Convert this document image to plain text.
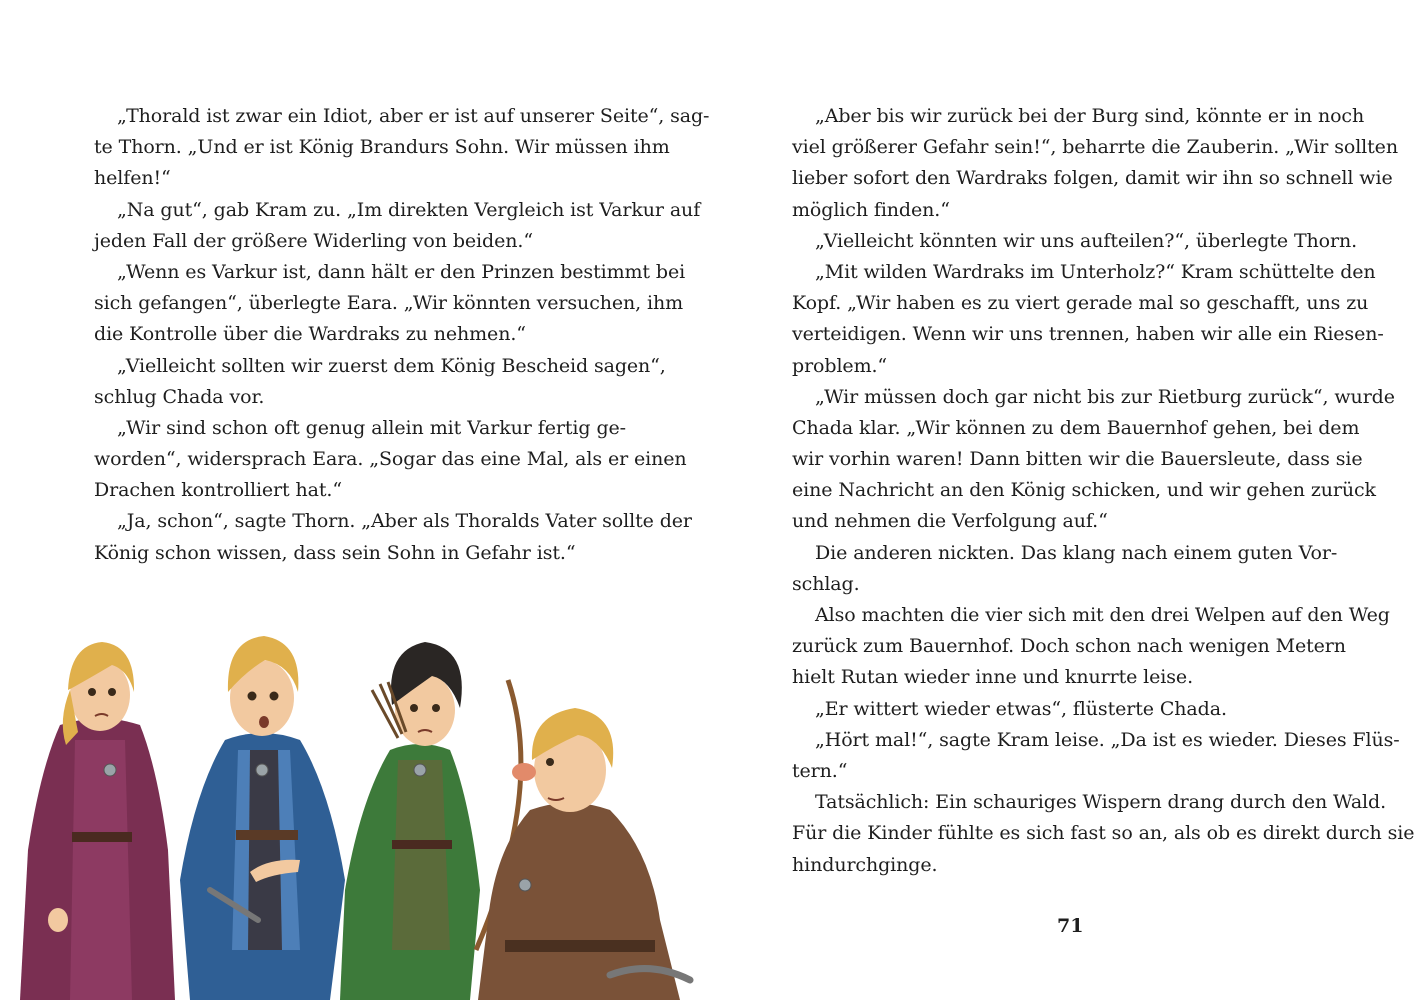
„Thorald ist zwar ein Idiot, aber er ist auf unserer Seite“, sag-
te Thorn. „Und er ist König Brandurs Sohn. Wir müssen ihm
helfen!“
„Na gut“, gab Kram zu. „Im direkten Vergleich ist Varkur auf
jeden Fall der größere Widerling von beiden.“
„Wenn es Varkur ist, dann hält er den Prinzen bestimmt bei
sich gefangen“, überlegte Eara. „Wir könnten versuchen, ihm
die Kontrolle über die Wardraks zu nehmen.“
„Vielleicht sollten wir zuerst dem König Bescheid sagen“,
schlug Chada vor.
„Wir sind schon oft genug allein mit Varkur fertig ge-
worden“, widersprach Eara. „Sogar das eine Mal, als er einen
Drachen kontrolliert hat.“
„Ja, schon“, sagte Thorn. „Aber als Thoralds Vater sollte der
König schon wissen, dass sein Sohn in Gefahr ist.“
„Aber bis wir zurück bei der Burg sind, könnte er in noch
viel größerer Gefahr sein!“, beharrte die Zauberin. „Wir sollten
lieber sofort den Wardraks folgen, damit wir ihn so schnell wie
möglich finden.“
„Vielleicht könnten wir uns aufteilen?“, überlegte Thorn.
„Mit wilden Wardraks im Unterholz?“ Kram schüttelte den
Kopf. „Wir haben es zu viert gerade mal so geschafft, uns zu
verteidigen. Wenn wir uns trennen, haben wir alle ein Riesen-
problem.“
„Wir müssen doch gar nicht bis zur Rietburg zurück“, wurde
Chada klar. „Wir können zu dem Bauernhof gehen, bei dem
wir vorhin waren! Dann bitten wir die Bauersleute, dass sie
eine Nachricht an den König schicken, und wir gehen zurück
und nehmen die Verfolgung auf.“
Die anderen nickten. Das klang nach einem guten Vor-
schlag.
Also machten die vier sich mit den drei Welpen auf den Weg
zurück zum Bauernhof. Doch schon nach wenigen Metern
hielt Rutan wieder inne und knurrte leise.
„Er wittert wieder etwas“, flüsterte Chada.
„Hört mal!“, sagte Kram leise. „Da ist es wieder. Dieses Flüs-
tern.“
Tatsächlich: Ein schauriges Wispern drang durch den Wald.
Für die Kinder fühlte es sich fast so an, als ob es direkt durch sie
hindurchginge.
71
